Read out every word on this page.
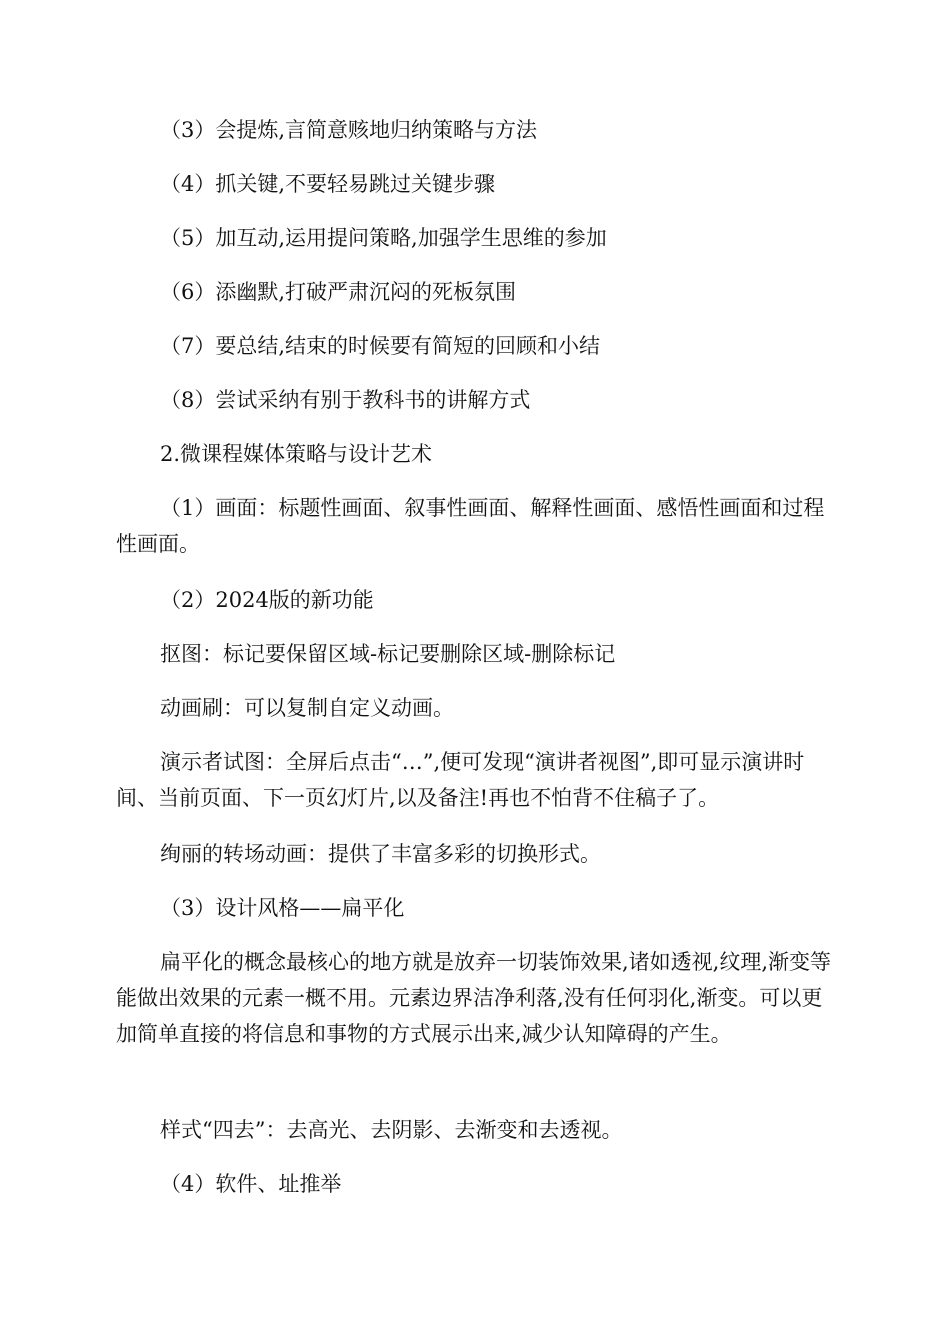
（3）会提炼,言简意赅地归纳策略与方法

（4）抓关键,不要轻易跳过关键步骤

（5）加互动,运用提问策略,加强学生思维的参加

（6）添幽默,打破严肃沉闷的死板氛围

（7）要总结,结束的时候要有简短的回顾和小结

（8）尝试采纳有别于教科书的讲解方式

2.微课程媒体策略与设计艺术

（1）画面：标题性画面、叙事性画面、解释性画面、感悟性画面和过程性画面。

（2）2024版的新功能

抠图：标记要保留区域-标记要删除区域-删除标记

动画刷：可以复制自定义动画。

演示者试图：全屏后点击“…”,便可发现“演讲者视图”,即可显示演讲时间、当前页面、下一页幻灯片,以及备注!再也不怕背不住稿子了。

绚丽的转场动画：提供了丰富多彩的切换形式。

（3）设计风格——扁平化

扁平化的概念最核心的地方就是放弃一切装饰效果,诸如透视,纹理,渐变等能做出效果的元素一概不用。元素边界洁净利落,没有任何羽化,渐变。可以更加简单直接的将信息和事物的方式展示出来,减少认知障碍的产生。

样式“四去”：去高光、去阴影、去渐变和去透视。

（4）软件、址推举
